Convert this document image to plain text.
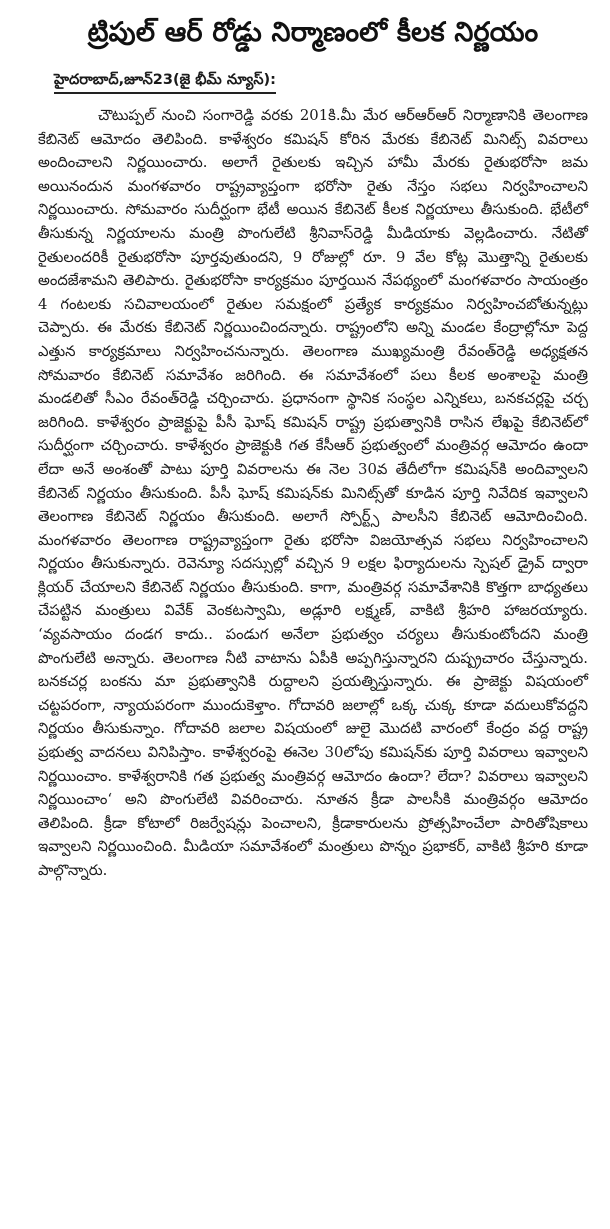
ట్రిపుల్ ఆర్ రోడ్డు నిర్మాణంలో కీలక నిర్ణయం
హైదరాబాద్,జూన్23(జై భీమ్ న్యూస్):

చౌటుప్పల్ నుంచి సంగారెడ్డి వరకు 201కి.మీ మేర ఆర్ఆర్ఆర్ నిర్మాణానికి తెలంగాణ కేబినెట్ ఆమోదం తెలిపింది. కాళేశ్వరం కమిషన్ కోరిన మేరకు కేబినెట్ మినిట్స్ వివరాలు అందించాలని నిర్ణయించారు. అలాగే రైతులకు ఇచ్చిన హామీ మేరకు రైతుభరోసా జమ అయినందున మంగళవారం రాష్ట్రవ్యాప్తంగా భరోసా రైతు నేస్తం సభలు నిర్వహించాలని నిర్ణయించారు. సోమవారం సుదీర్ఘంగా భేటీ అయిన కేబినెట్ కీలక నిర్ణయాలు తీసుకుంది. భేటీలో తీసుకున్న నిర్ణయాలను మంత్రి పొంగులేటి శ్రీనివాస్‌రెడ్డి మీడియాకు వెల్లడించారు. నేటితో రైతులందరికీ రైతుభరోసా పూర్తవుతుందని, 9 రోజుల్లో రూ. 9 వేల కోట్ల మొత్తాన్ని రైతులకు అందజేశామని తెలిపారు. రైతుభరోసా కార్యక్రమం పూర్తయిన నేపథ్యంలో మంగళవారం సాయంత్రం 4 గంటలకు సచివాలయంలో రైతుల సమక్షంలో ప్రత్యేక కార్యక్రమం నిర్వహించబోతున్నట్లు చెప్పారు. ఈ మేరకు కేబినెట్ నిర్ణయించిందన్నారు. రాష్ట్రంలోని అన్ని మండల కేంద్రాల్లోనూ పెద్ద ఎత్తున కార్యక్రమాలు నిర్వహించనున్నారు. తెలంగాణ ముఖ్యమంత్రి రేవంత్‌రెడ్డి అధ్యక్షతన సోమవారం కేబినెట్ సమావేశం జరిగింది. ఈ సమావేశంలో పలు కీలక అంశాలపై మంత్రి మండలితో సీఎం రేవంత్‌రెడ్డి చర్చించారు. ప్రధానంగా స్థానిక సంస్థల ఎన్నికలు, బనకచర్లపై చర్చ జరిగింది. కాళేశ్వరం ప్రాజెక్టుపై పీసీ ఘోష్ కమిషన్ రాష్ట్ర ప్రభుత్వానికి రాసిన లేఖపై కేబినెట్‌లో సుదీర్ఘంగా చర్చించారు. కాళేశ్వరం ప్రాజెక్టుకి గత కేసీఆర్ ప్రభుత్వంలో మంత్రివర్గ ఆమోదం ఉందా లేదా అనే అంశంతో పాటు పూర్తి వివరాలను ఈ నెల 30వ తేదీలోగా కమిషన్‌కి అందివ్వాలని కేబినెట్ నిర్ణయం తీసుకుంది. పీసీ ఘోష్ కమిషన్‌కు మినిట్స్‌తో కూడిన పూర్తి నివేదిక ఇవ్వాలని తెలంగాణ కేబినెట్ నిర్ణయం తీసుకుంది. అలాగే స్పోర్ట్స్ పాలసీని కేబినెట్ ఆమోదించింది. మంగళవారం తెలంగాణ రాష్ట్రవ్యాప్తంగా రైతు భరోసా విజయోత్సవ సభలు నిర్వహించాలని నిర్ణయం తీసుకున్నారు. రెవెన్యూ సదస్సుల్లో వచ్చిన 9 లక్షల ఫిర్యాదులను స్పెషల్ డ్రైవ్ ద్వారా క్లియర్ చేయాలని కేబినెట్ నిర్ణయం తీసుకుంది. కాగా, మంత్రివర్గ సమావేశానికి కొత్తగా బాధ్యతలు చేపట్టిన మంత్రులు వివేక్ వెంకటస్వామి, అడ్లూరి లక్ష్మణ్, వాకిటి శ్రీహరి హాజరయ్యారు. ‘వ్యవసాయం దండగ కాదు.. పండుగ అనేలా ప్రభుత్వం చర్యలు తీసుకుంటోందని మంత్రి పొంగులేటి అన్నారు. తెలంగాణ నీటి వాటాను ఏపీకి అప్పగిస్తున్నారని దుష్ప్రచారం చేస్తున్నారు. బనకచర్ల బంకను మా ప్రభుత్వానికి రుద్దాలని ప్రయత్నిస్తున్నారు. ఈ ప్రాజెక్టు విషయంలో చట్టపరంగా, న్యాయపరంగా ముందుకెళ్తాం. గోదావరి జలాల్లో ఒక్క చుక్క కూడా వదులుకోవద్దని నిర్ణయం తీసుకున్నాం. గోదావరి జలాల విషయంలో జులై మొదటి వారంలో కేంద్రం వద్ద రాష్ట్ర ప్రభుత్వ వాదనలు వినిపిస్తాం. కాళేశ్వరంపై ఈనెల 30లోపు కమిషన్‌కు పూర్తి వివరాలు ఇవ్వాలని నిర్ణయించాం. కాళేశ్వరానికి గత ప్రభుత్వ మంత్రివర్గ ఆమోదం ఉందా? లేదా? వివరాలు ఇవ్వాలని నిర్ణయించాం‘ అని పొంగులేటి వివరించారు. నూతన క్రీడా పాలసీకి మంత్రివర్గం ఆమోదం తెలిపింది. క్రీడా కోటాలో రిజర్వేషన్లు పెంచాలని, క్రీడాకారులను ప్రోత్సహించేలా పారితోషికాలు ఇవ్వాలని నిర్ణయించింది. మీడియా సమావేశంలో మంత్రులు పొన్నం ప్రభాకర్, వాకిటి శ్రీహరి కూడా పాల్గొన్నారు.
